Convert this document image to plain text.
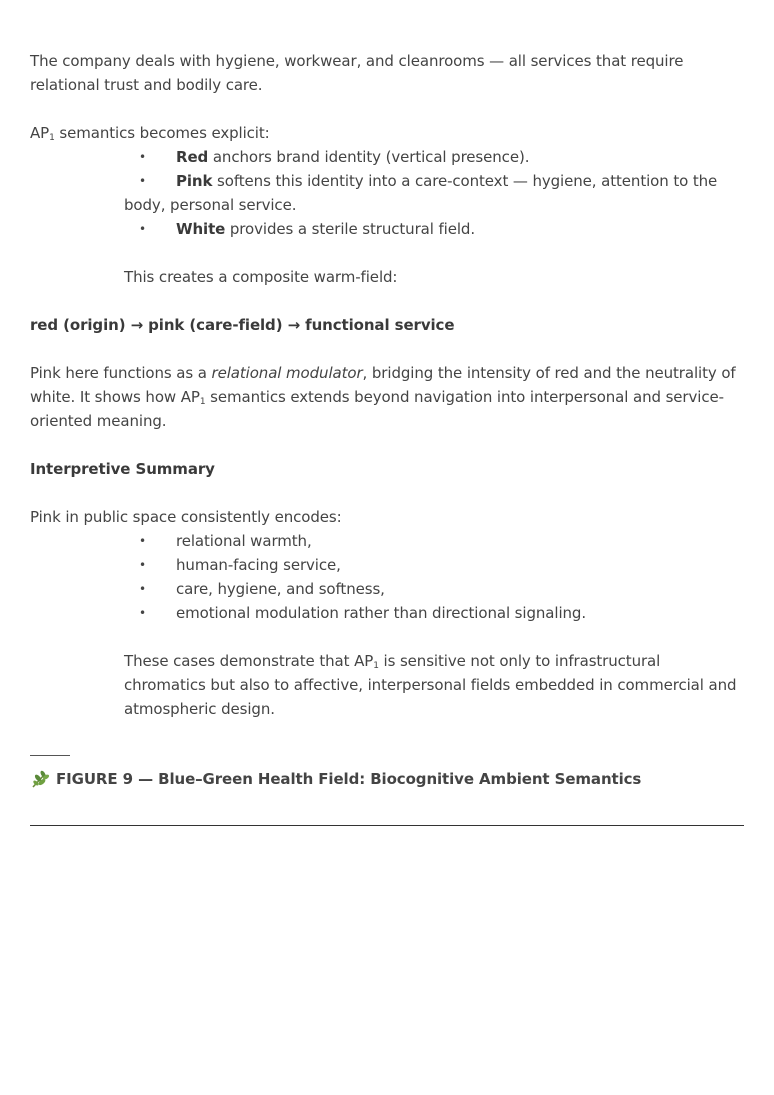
The company deals with hygiene, workwear, and cleanrooms — all services that require relational trust and bodily care.

$AP_1$ semantics becomes explicit:

• Red anchors brand identity (vertical presence).
• Pink softens this identity into a care-context — hygiene, attention to the body, personal service.
• White provides a sterile structural field.

This creates a composite warm-field:

red (origin) → pink (care-field) → functional service

Pink here functions as a relational modulator, bridging the intensity of red and the neutrality of white. It shows how $AP_1$ semantics extends beyond navigation into interpersonal and service-oriented meaning.

Interpretive Summary

Pink in public space consistently encodes:

• relational warmth,
• human-facing service,
• care, hygiene, and softness,
• emotional modulation rather than directional signaling.

These cases demonstrate that $AP_1$ is sensitive not only to infrastructural chromatics but also to affective, interpersonal fields embedded in commercial and atmospheric design.

FIGURE 9 — Blue–Green Health Field: Biocognitive Ambient Semantics
